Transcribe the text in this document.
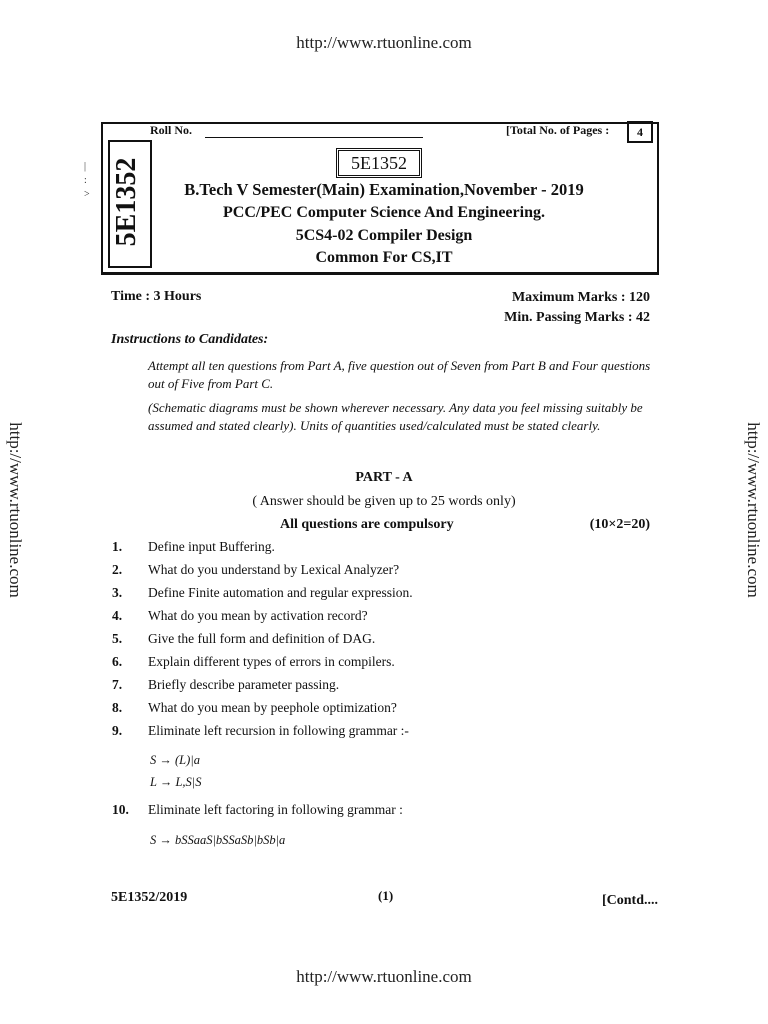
http://www.rtuonline.com
http://www.rtuonline.com	http://www.rtuonline.com
http://www.rtuonline.com
Roll No.	[Total No. of Pages :	4
5E1352
|
:
>
5E1352
B.Tech V Semester(Main) Examination,November - 2019
PCC/PEC Computer Science And Engineering.
5CS4-02 Compiler Design
Common For CS,IT
Time : 3 Hours	Maximum Marks : 120
Min. Passing Marks : 42
Instructions to Candidates:
Attempt all ten questions from Part A, five question out of Seven from Part B and Four questions out of Five from Part C.
(Schematic diagrams must be shown wherever necessary. Any data you feel missing suitably be assumed and stated clearly). Units of quantities used/calculated must be stated clearly.
PART - A
( Answer should be given up to 25 words only)
All questions are compulsory	(10×2=20)
1. Define input Buffering.
2. What do you understand by Lexical Analyzer?
3. Define Finite automation and regular expression.
4. What do you mean by activation record?
5. Give the full form and definition of DAG.
6. Explain different types of errors in compilers.
7. Briefly describe parameter passing.
8. What do you mean by peephole optimization?
9. Eliminate left recursion in following grammar :-
S → (L)|a
L → L,S|S
10. Eliminate left factoring in following grammar :
S → bSSaaS|bSSaSb|bSb|a
5E1352/2019	(1)	[Contd....
